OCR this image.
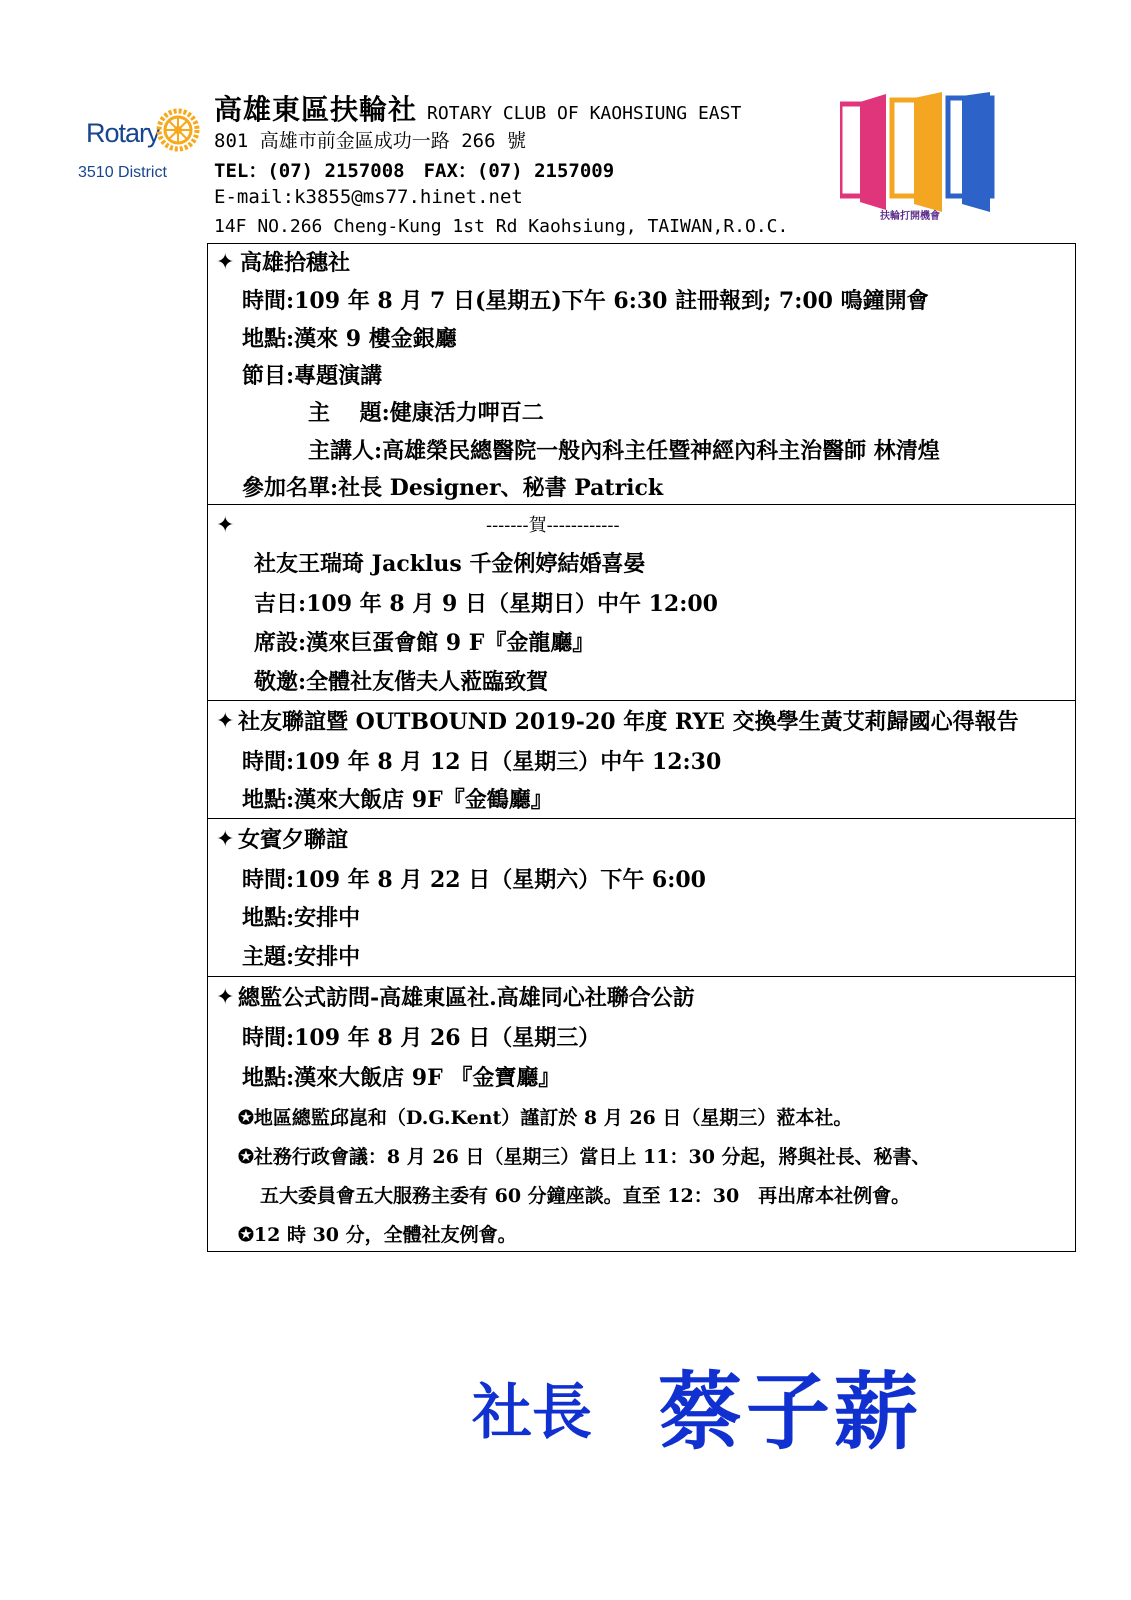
Rotary
3510 District
高雄東區扶輪社 ROTARY CLUB OF KAOHSIUNG EAST
801 高雄市前金區成功一路 266 號
TEL：(07) 2157008　FAX：(07) 2157009
E-mail:k3855@ms77.hinet.net
14F NO.266 Cheng-Kung 1st Rd Kaohsiung, TAIWAN,R.O.C.	扶輪打開機會
✦ 高雄拾穗社
時間:109 年 8 月 7 日(星期五)下午 6:30 註冊報到; 7:00 鳴鐘開會
地點:漢來 9 樓金銀廳
節目:專題演講
主　 題:健康活力呷百二
主講人:高雄榮民總醫院一般內科主任暨神經內科主治醫師 林清煌
參加名單:社長 Designer、秘書 Patrick
✦	-------賀------------
社友王瑞琦 Jacklus 千金俐婷結婚喜晏
吉日:109 年 8 月 9 日（星期日）中午 12:00
席設:漢來巨蛋會館 9 F『金龍廳』
敬邀:全體社友偕夫人蒞臨致賀
✦ 社友聯誼暨 OUTBOUND 2019-20 年度 RYE 交換學生黃艾莉歸國心得報告
時間:109 年 8 月 12 日（星期三）中午 12:30
地點:漢來大飯店 9F『金鶴廳』
✦ 女賓夕聯誼
時間:109 年 8 月 22 日（星期六）下午 6:00
地點:安排中
主題:安排中
✦ 總監公式訪問-高雄東區社.高雄同心社聯合公訪
時間:109 年 8 月 26 日（星期三）
地點:漢來大飯店 9F 『金寶廳』
✪地區總監邱崑和（D.G.Kent）謹訂於 8 月 26 日（星期三）蒞本社。
✪社務行政會議：8 月 26 日（星期三）當日上 11：30 分起，將與社長、秘書、
五大委員會五大服務主委有 60 分鐘座談。直至 12：30　再出席本社例會。
✪12 時 30 分，全體社友例會。
社長 蔡子薪
